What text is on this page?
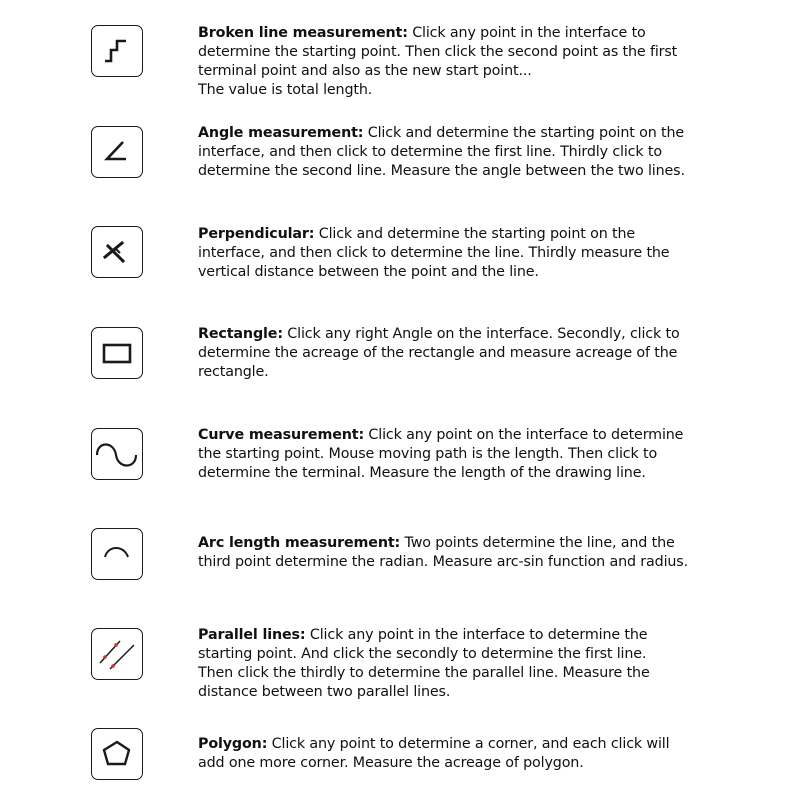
Broken line measurement: Click any point in the interface to
determine the starting point. Then click the second point as the first
terminal point and also as the new start point...
The value is total length.
Angle measurement: Click and determine the starting point on the
interface, and then click to determine the first line. Thirdly click to
determine the second line. Measure the angle between the two lines.
Perpendicular: Click and determine the starting point on the
interface, and then click to determine the line. Thirdly measure the
vertical distance between the point and the line.
Rectangle: Click any right Angle on the interface. Secondly, click to
determine the acreage of the rectangle and measure acreage of the
rectangle.
Curve measurement: Click any point on the interface to determine
the starting point. Mouse moving path is the length. Then click to
determine the terminal. Measure the length of the drawing line.
Arc length measurement: Two points determine the line, and the
third point determine the radian. Measure arc-sin function and radius.
Parallel lines: Click any point in the interface to determine the
starting point. And click the secondly to determine the first line.
Then click the thirdly to determine the parallel line. Measure the
distance between two parallel lines.
Polygon: Click any point to determine a corner, and each click will
add one more corner. Measure the acreage of polygon.
